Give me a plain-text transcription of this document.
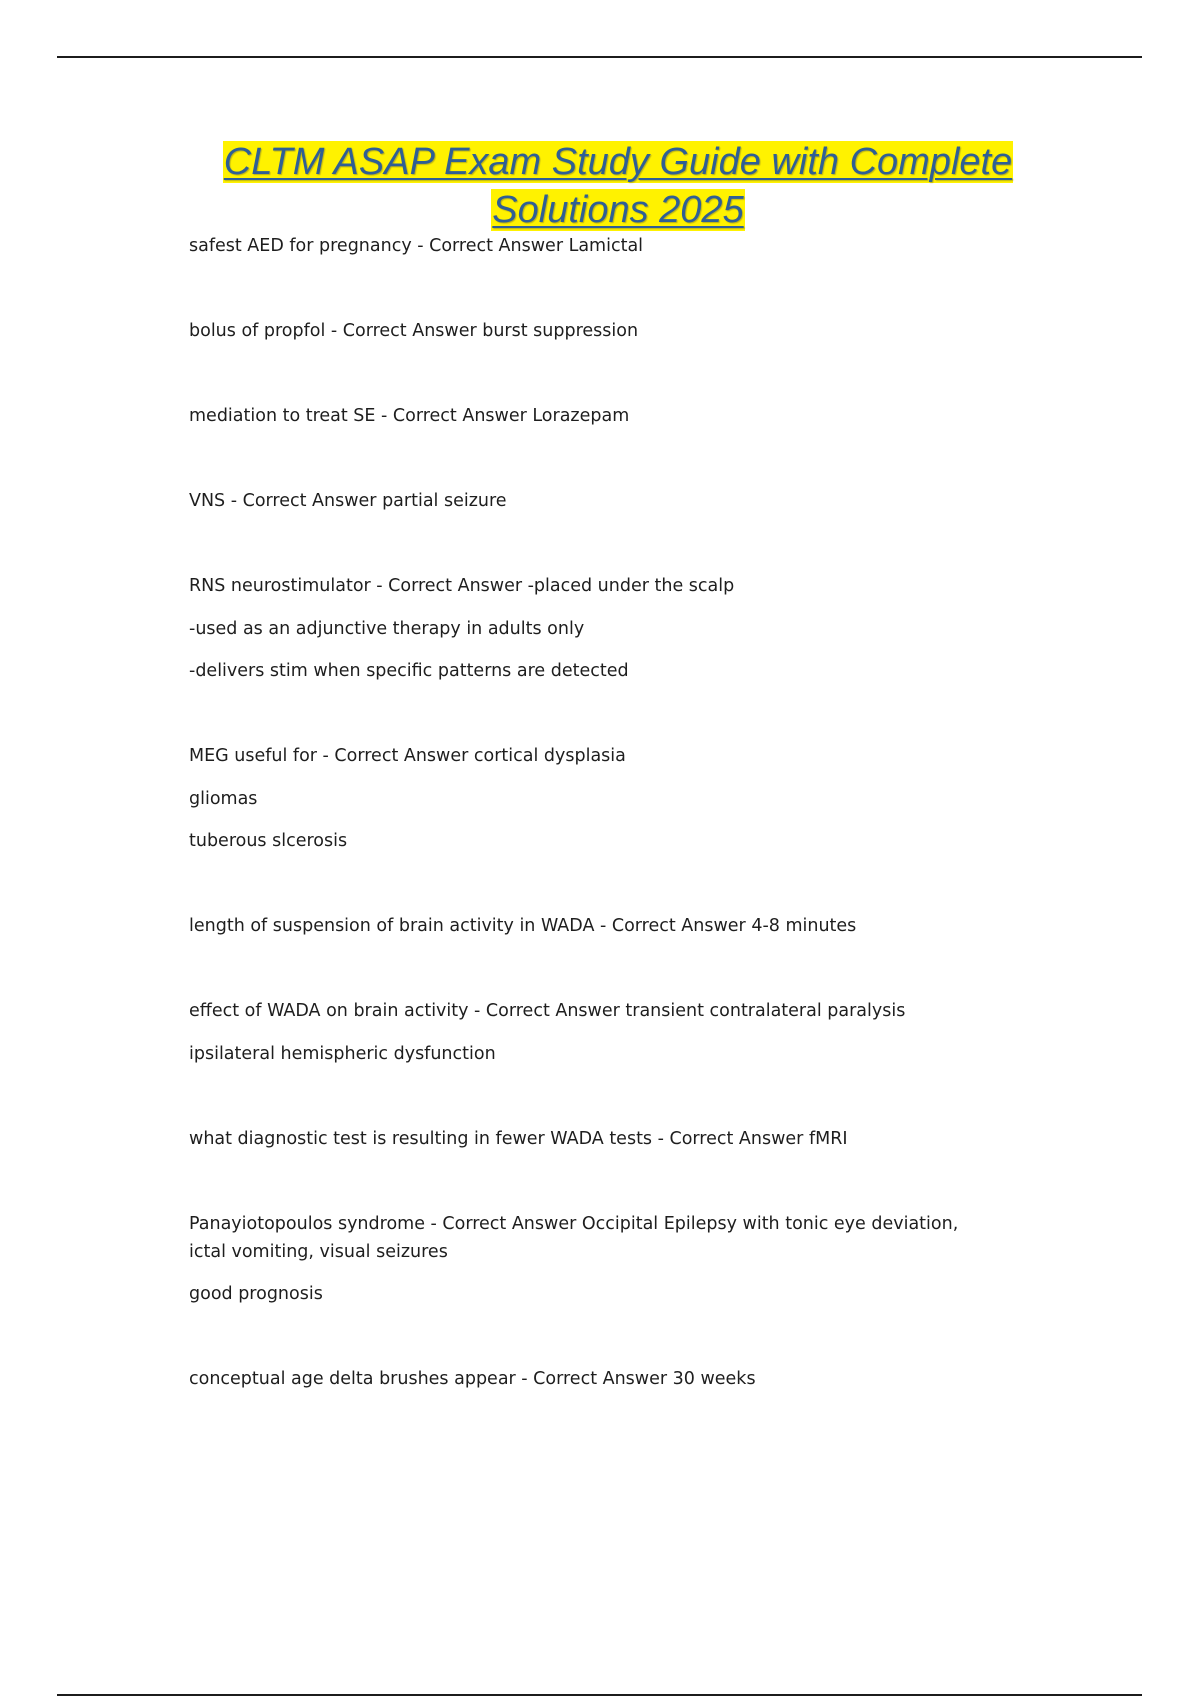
CLTM ASAP Exam Study Guide with Complete
Solutions 2025
safest AED for pregnancy - Correct Answer Lamictal
bolus of propfol - Correct Answer burst suppression
mediation to treat SE - Correct Answer Lorazepam
VNS - Correct Answer partial seizure
RNS neurostimulator - Correct Answer -placed under the scalp
-used as an adjunctive therapy in adults only
-delivers stim when specific patterns are detected
MEG useful for - Correct Answer cortical dysplasia
gliomas
tuberous slcerosis
length of suspension of brain activity in WADA - Correct Answer 4-8 minutes
effect of WADA on brain activity - Correct Answer transient contralateral paralysis
ipsilateral hemispheric dysfunction
what diagnostic test is resulting in fewer WADA tests - Correct Answer fMRI
Panayiotopoulos syndrome - Correct Answer Occipital Epilepsy with tonic eye deviation, ictal vomiting, visual seizures
good prognosis
conceptual age delta brushes appear - Correct Answer 30 weeks
